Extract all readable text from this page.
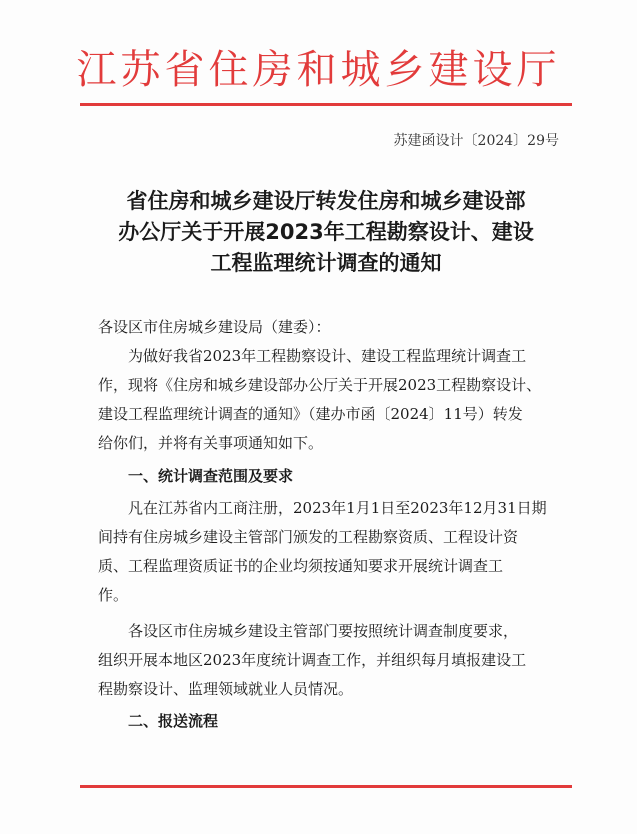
江苏省住房和城乡建设厅
苏建函设计〔2024〕29号
省住房和城乡建设厅转发住房和城乡建设部
办公厅关于开展2023年工程勘察设计、建设
工程监理统计调查的通知
各设区市住房城乡建设局（建委）：
为做好我省2023年工程勘察设计、建设工程监理统计调查工
作，现将《住房和城乡建设部办公厅关于开展2023工程勘察设计、
建设工程监理统计调查的通知》（建办市函〔2024〕11号）转发
给你们，并将有关事项通知如下。
一、统计调查范围及要求
凡在江苏省内工商注册，2023年1月1日至2023年12月31日期
间持有住房城乡建设主管部门颁发的工程勘察资质、工程设计资
质、工程监理资质证书的企业均须按通知要求开展统计调查工
作。
各设区市住房城乡建设主管部门要按照统计调查制度要求，
组织开展本地区2023年度统计调查工作，并组织每月填报建设工
程勘察设计、监理领域就业人员情况。
二、报送流程
